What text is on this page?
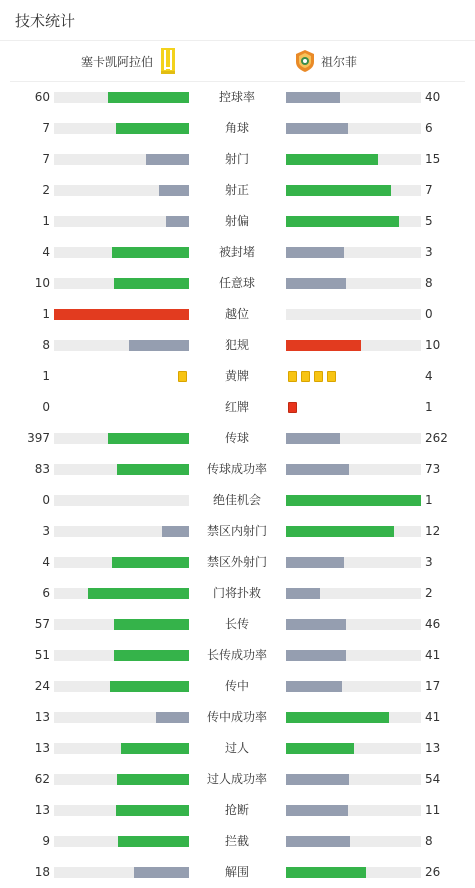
技术统计
塞卡凯阿拉伯	祖尔菲
60	控球率	40
7	角球	6
7	射门	15
2	射正	7
1	射偏	5
4	被封堵	3
10	任意球	8
1	越位	0
8	犯规	10
1	黄牌	4
0	红牌	1
397	传球	262
83	传球成功率	73
0	绝佳机会	1
3	禁区内射门	12
4	禁区外射门	3
6	门将扑救	2
57	长传	46
51	长传成功率	41
24	传中	17
13	传中成功率	41
13	过人	13
62	过人成功率	54
13	抢断	11
9	拦截	8
18	解围	26
